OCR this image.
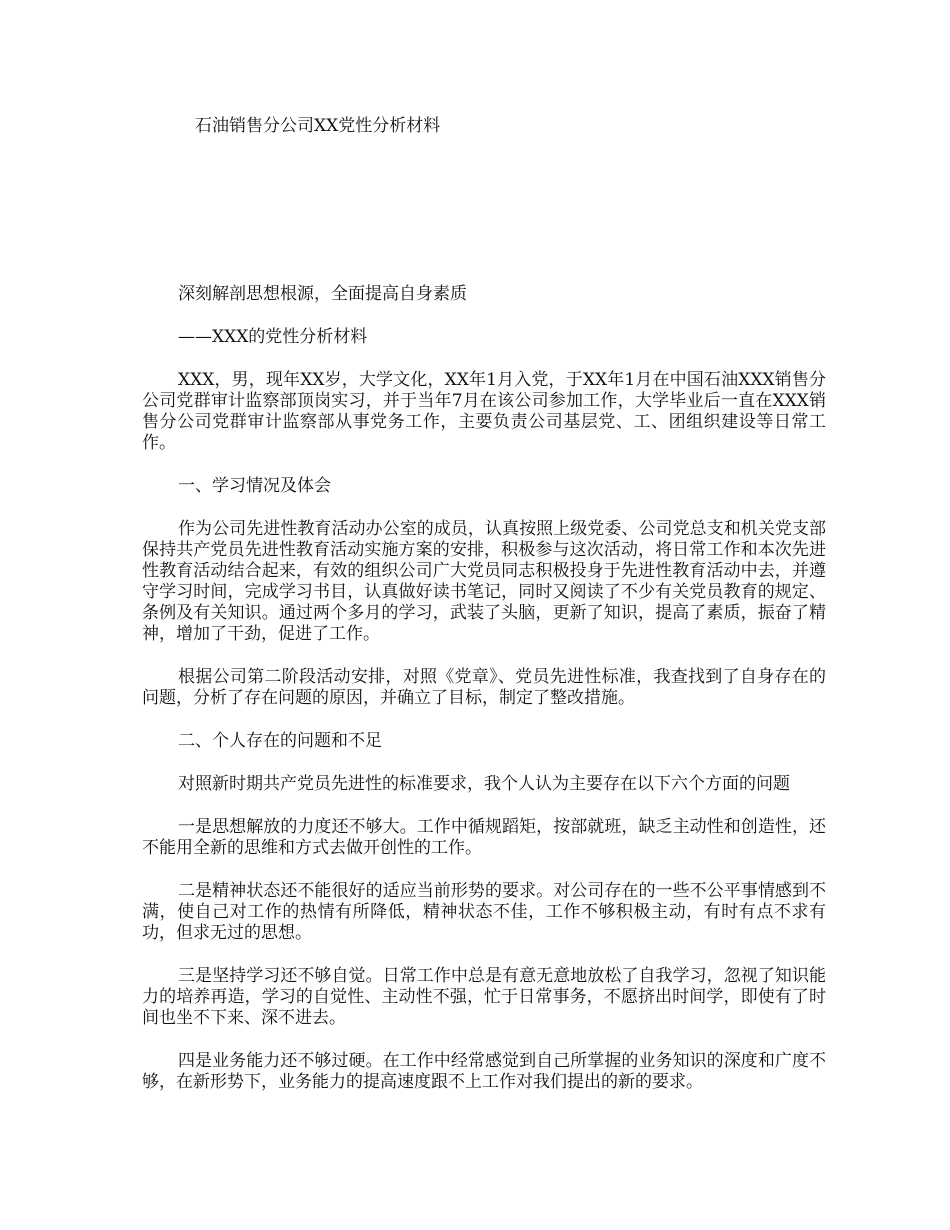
石油销售分公司XX党性分析材料

深刻解剖思想根源，全面提高自身素质

——XXX的党性分析材料

XXX，男，现年XX岁，大学文化，XX年1月入党，于XX年1月在中国石油XXX销售分公司党群审计监察部顶岗实习，并于当年7月在该公司参加工作，大学毕业后一直在XXX销售分公司党群审计监察部从事党务工作，主要负责公司基层党、工、团组织建设等日常工作。

一、学习情况及体会

作为公司先进性教育活动办公室的成员，认真按照上级党委、公司党总支和机关党支部保持共产党员先进性教育活动实施方案的安排，积极参与这次活动，将日常工作和本次先进性教育活动结合起来，有效的组织公司广大党员同志积极投身于先进性教育活动中去，并遵守学习时间，完成学习书目，认真做好读书笔记，同时又阅读了不少有关党员教育的规定、条例及有关知识。通过两个多月的学习，武装了头脑，更新了知识，提高了素质，振奋了精神，增加了干劲，促进了工作。

根据公司第二阶段活动安排，对照《党章》、党员先进性标准，我查找到了自身存在的问题，分析了存在问题的原因，并确立了目标，制定了整改措施。

二、个人存在的问题和不足

对照新时期共产党员先进性的标准要求，我个人认为主要存在以下六个方面的问题

一是思想解放的力度还不够大。工作中循规蹈矩，按部就班，缺乏主动性和创造性，还不能用全新的思维和方式去做开创性的工作。

二是精神状态还不能很好的适应当前形势的要求。对公司存在的一些不公平事情感到不满，使自己对工作的热情有所降低，精神状态不佳，工作不够积极主动，有时有点不求有功，但求无过的思想。

三是坚持学习还不够自觉。日常工作中总是有意无意地放松了自我学习，忽视了知识能力的培养再造，学习的自觉性、主动性不强，忙于日常事务，不愿挤出时间学，即使有了时间也坐不下来、深不进去。

四是业务能力还不够过硬。在工作中经常感觉到自己所掌握的业务知识的深度和广度不够，在新形势下，业务能力的提高速度跟不上工作对我们提出的新的要求。
